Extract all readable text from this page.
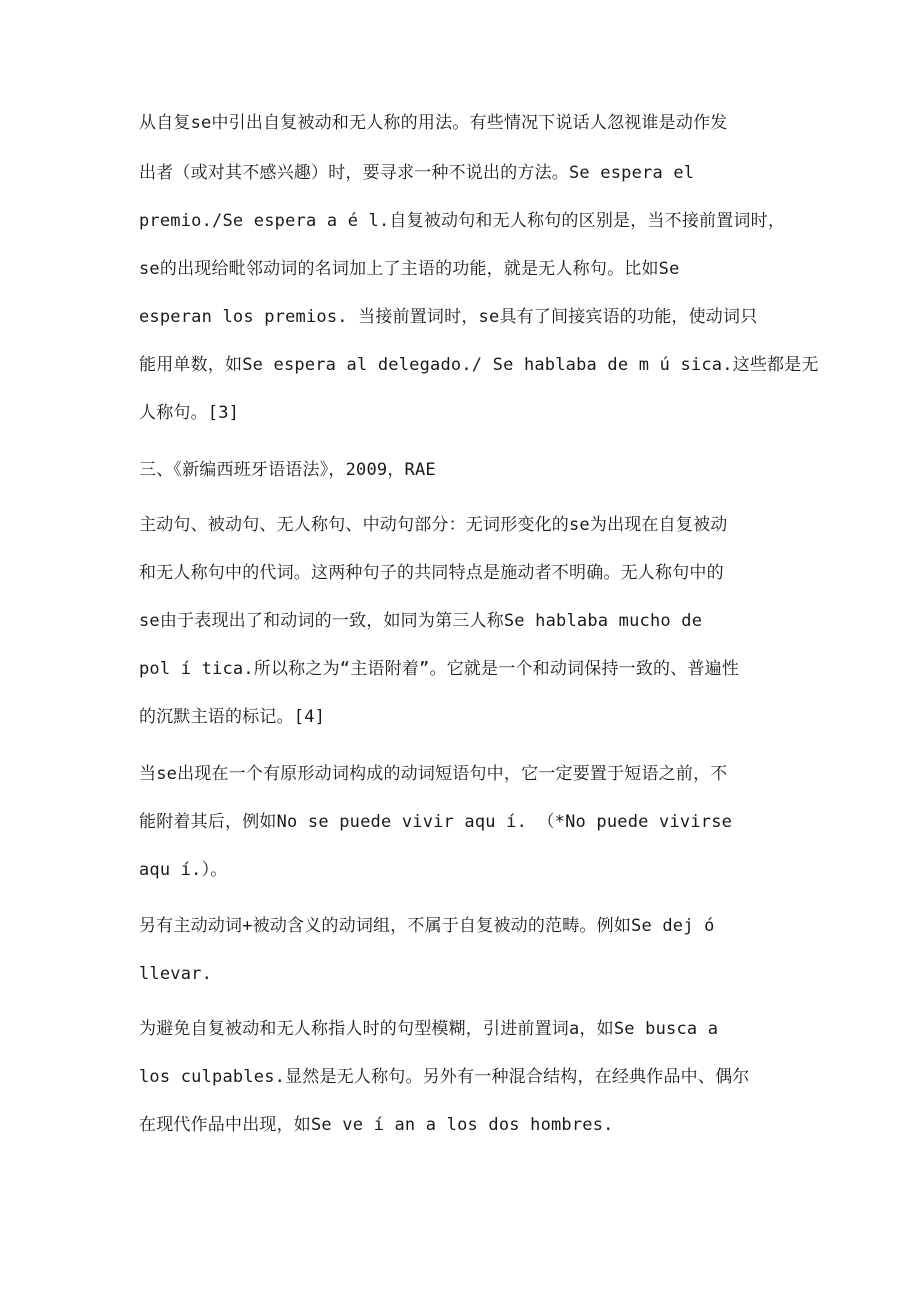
从自复se中引出自复被动和无人称的用法。有些情况下说话人忽视谁是动作发
出者（或对其不感兴趣）时，要寻求一种不说出的方法。Se espera el
premio./Se espera a é l.自复被动句和无人称句的区别是，当不接前置词时，
se的出现给毗邻动词的名词加上了主语的功能，就是无人称句。比如Se
esperan los premios. 当接前置词时，se具有了间接宾语的功能，使动词只
能用单数，如Se espera al delegado./ Se hablaba de m ú sica.这些都是无
人称句。[3]
三、《新编西班牙语语法》，2009，RAE
主动句、被动句、无人称句、中动句部分：无词形变化的se为出现在自复被动
和无人称句中的代词。这两种句子的共同特点是施动者不明确。无人称句中的
se由于表现出了和动词的一致，如同为第三人称Se hablaba mucho de
pol í tica.所以称之为“主语附着”。它就是一个和动词保持一致的、普遍性
的沉默主语的标记。[4]
当se出现在一个有原形动词构成的动词短语句中，它一定要置于短语之前，不
能附着其后，例如No se puede vivir aqu í. （*No puede vivirse
aqu í.）。
另有主动动词+被动含义的动词组，不属于自复被动的范畴。例如Se dej ó
llevar.
为避免自复被动和无人称指人时的句型模糊，引进前置词a，如Se busca a
los culpables.显然是无人称句。另外有一种混合结构，在经典作品中、偶尔
在现代作品中出现，如Se ve í an a los dos hombres.
